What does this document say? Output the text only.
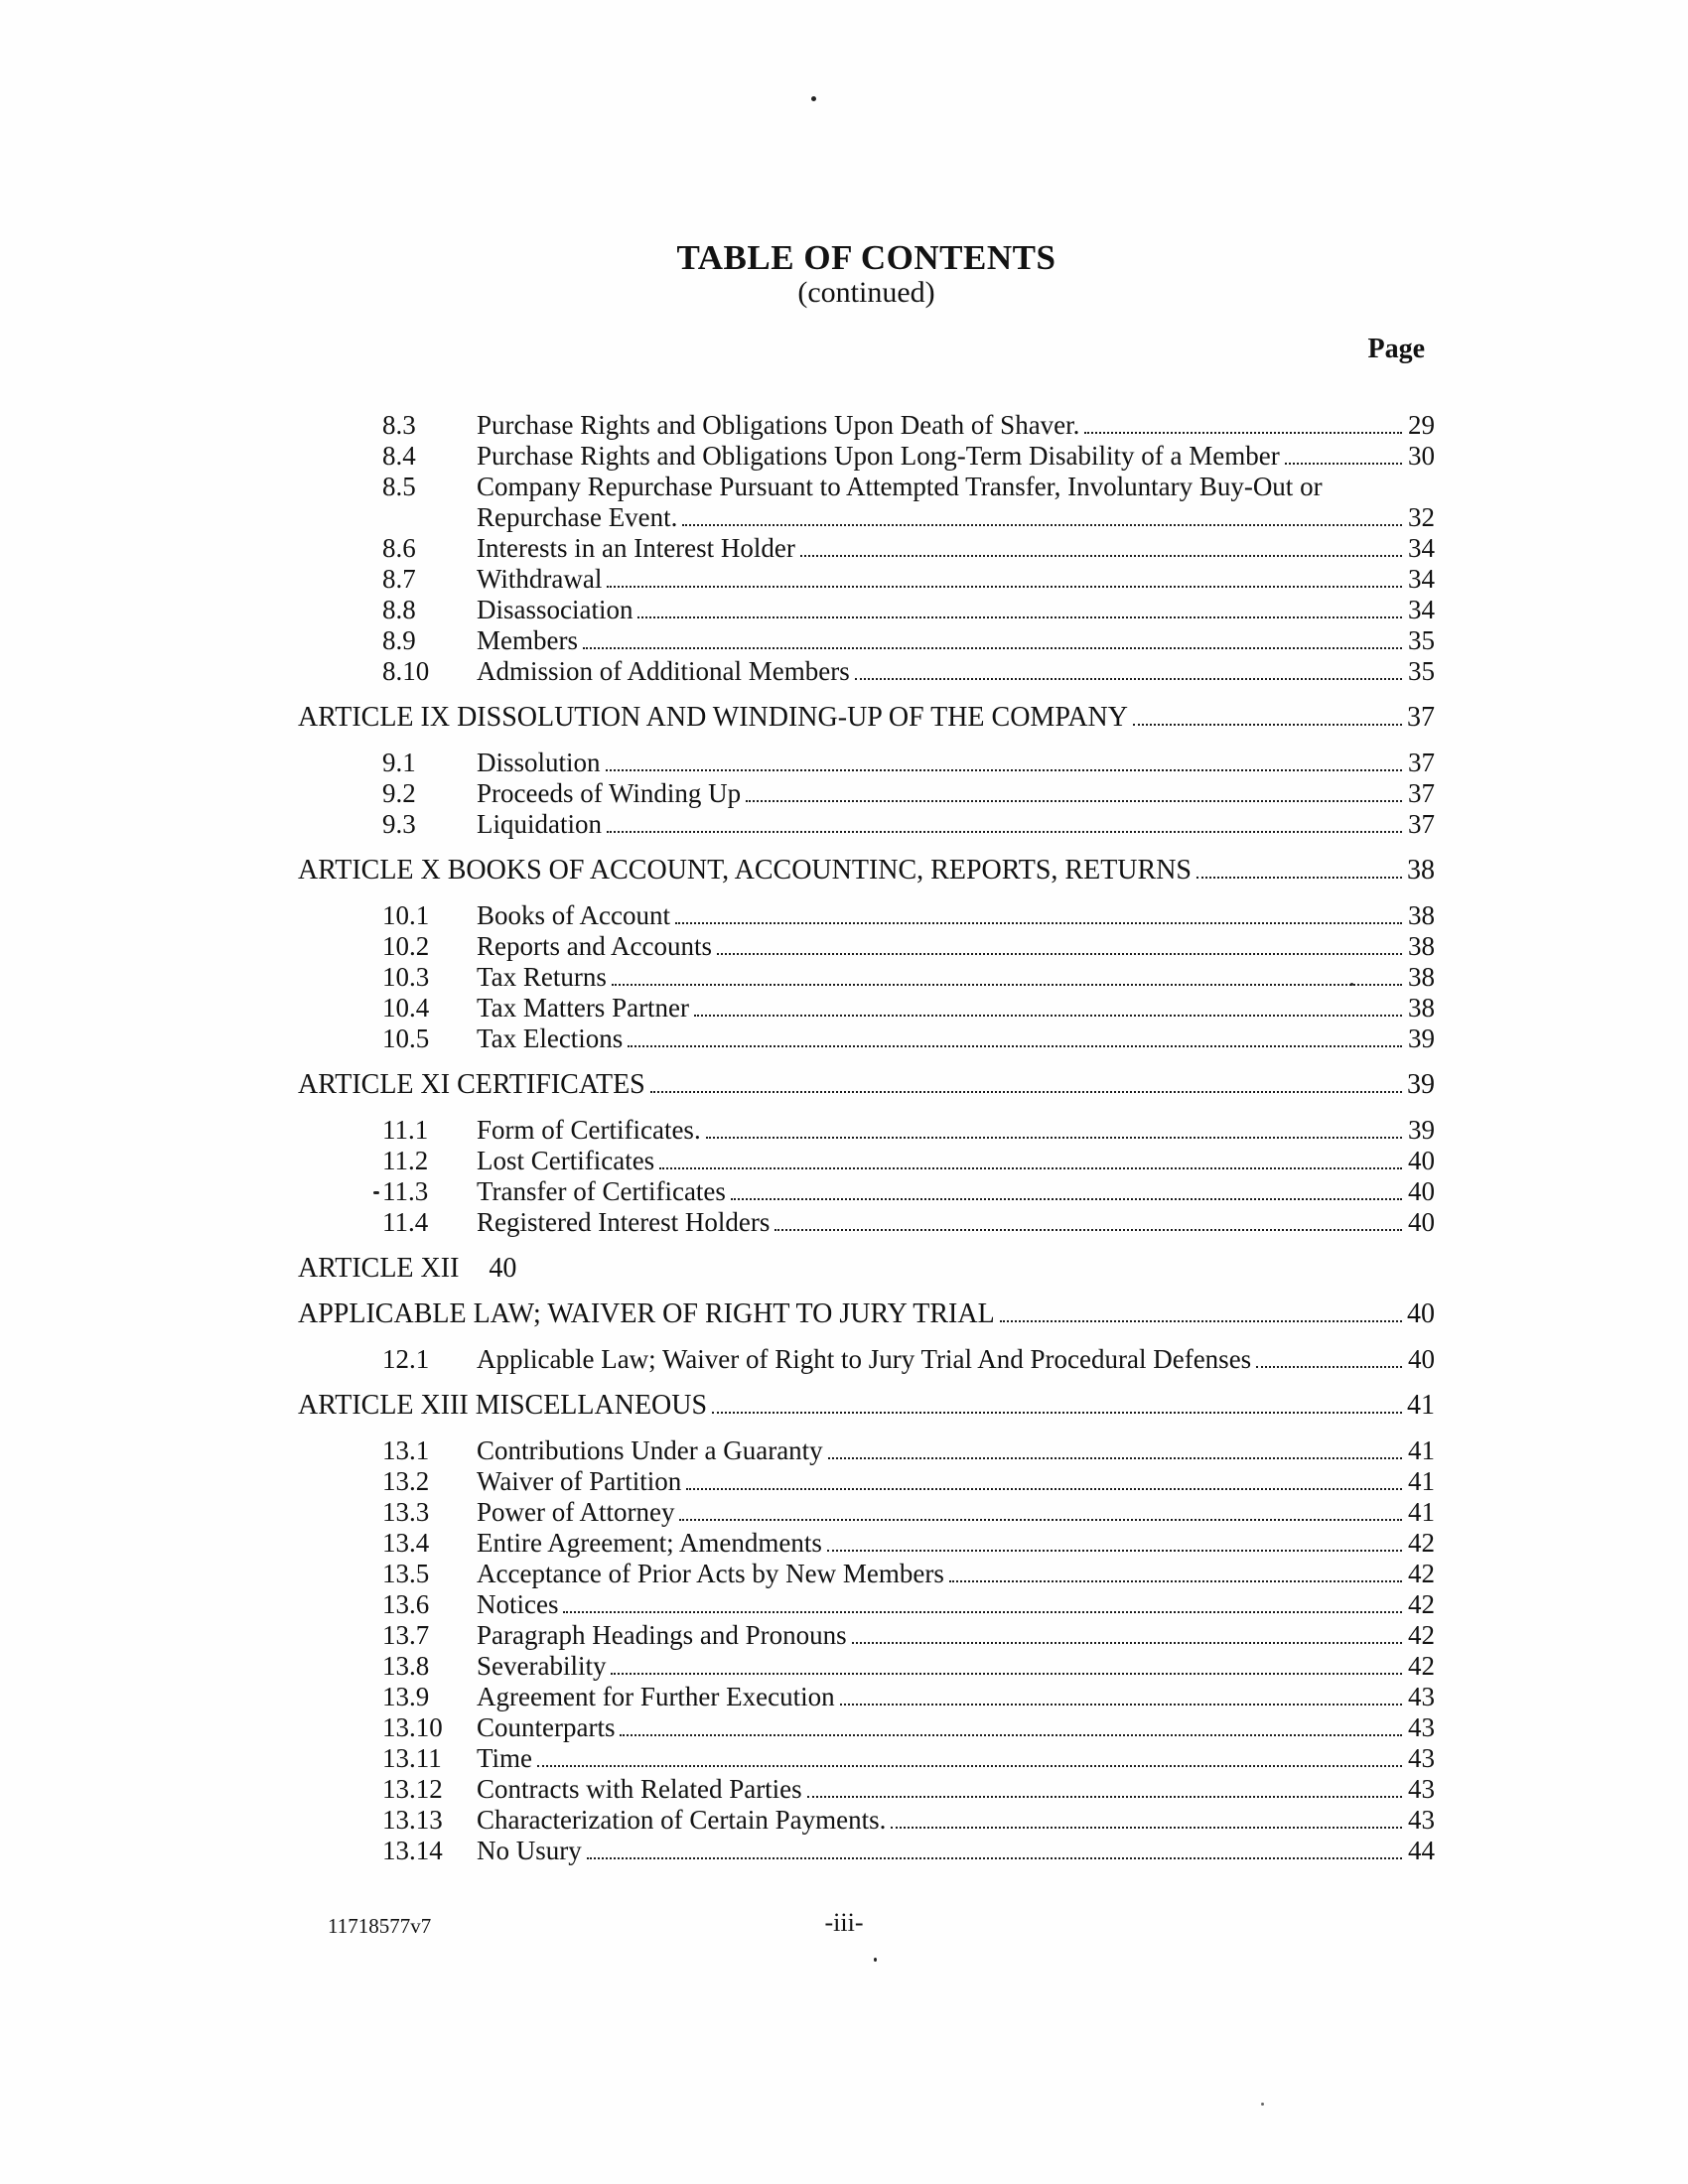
TABLE OF CONTENTS
(continued)
Page
8.3	Purchase Rights and Obligations Upon Death of Shaver.	29
8.4	Purchase Rights and Obligations Upon Long-Term Disability of a Member	30
8.5	Company Repurchase Pursuant to Attempted Transfer, Involuntary Buy-Out or
Repurchase Event.	32
8.6	Interests in an Interest Holder	34
8.7	Withdrawal	34
8.8	Disassociation	34
8.9	Members	35
8.10	Admission of Additional Members	35
ARTICLE IX DISSOLUTION AND WINDING-UP OF THE COMPANY	37
9.1	Dissolution	37
9.2	Proceeds of Winding Up	37
9.3	Liquidation	37
ARTICLE X BOOKS OF ACCOUNT, ACCOUNTINC, REPORTS, RETURNS	38
10.1	Books of Account	38
10.2	Reports and Accounts	38
10.3	Tax Returns	38
10.4	Tax Matters Partner	38
10.5	Tax Elections	39
ARTICLE XI CERTIFICATES	39
11.1	Form of Certificates.	39
11.2	Lost Certificates	40
11.3	Transfer of Certificates	40
11.4	Registered Interest Holders	40
ARTICLE XII 40
APPLICABLE LAW; WAIVER OF RIGHT TO JURY TRIAL	40
12.1	Applicable Law; Waiver of Right to Jury Trial And Procedural Defenses	40
ARTICLE XIII MISCELLANEOUS	41
13.1	Contributions Under a Guaranty	41
13.2	Waiver of Partition	41
13.3	Power of Attorney	41
13.4	Entire Agreement; Amendments	42
13.5	Acceptance of Prior Acts by New Members	42
13.6	Notices	42
13.7	Paragraph Headings and Pronouns	42
13.8	Severability	42
13.9	Agreement for Further Execution	43
13.10	Counterparts	43
13.11	Time	43
13.12	Contracts with Related Parties	43
13.13	Characterization of Certain Payments.	43
13.14	No Usury	44
11718577v7	-iii-
